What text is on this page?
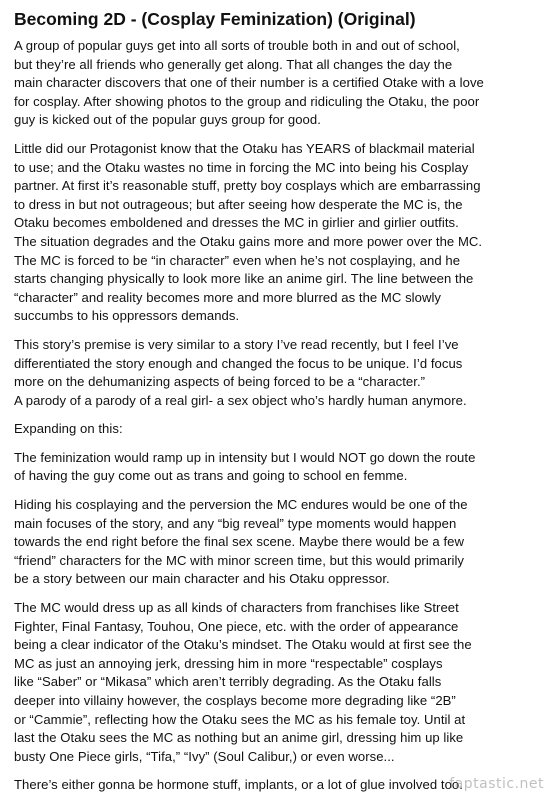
Becoming 2D - (Cosplay Feminization) (Original)
A group of popular guys get into all sorts of trouble both in and out of school,
but they’re all friends who generally get along. That all changes the day the
main character discovers that one of their number is a certified Otake with a love
for cosplay. After showing photos to the group and ridiculing the Otaku, the poor
guy is kicked out of the popular guys group for good.
Little did our Protagonist know that the Otaku has YEARS of blackmail material
to use; and the Otaku wastes no time in forcing the MC into being his Cosplay
partner. At first it’s reasonable stuff, pretty boy cosplays which are embarrassing
to dress in but not outrageous; but after seeing how desperate the MC is, the
Otaku becomes emboldened and dresses the MC in girlier and girlier outfits.
The situation degrades and the Otaku gains more and more power over the MC.
The MC is forced to be “in character” even when he’s not cosplaying, and he
starts changing physically to look more like an anime girl. The line between the
“character” and reality becomes more and more blurred as the MC slowly
succumbs to his oppressors demands.
This story’s premise is very similar to a story I’ve read recently, but I feel I’ve
differentiated the story enough and changed the focus to be unique. I’d focus
more on the dehumanizing aspects of being forced to be a “character.”
A parody of a parody of a real girl- a sex object who’s hardly human anymore.
Expanding on this:
The feminization would ramp up in intensity but I would NOT go down the route
of having the guy come out as trans and going to school en femme.
Hiding his cosplaying and the perversion the MC endures would be one of the
main focuses of the story, and any “big reveal” type moments would happen
towards the end right before the final sex scene. Maybe there would be a few
“friend” characters for the MC with minor screen time, but this would primarily
be a story between our main character and his Otaku oppressor.
The MC would dress up as all kinds of characters from franchises like Street
Fighter, Final Fantasy, Touhou, One piece, etc. with the order of appearance
being a clear indicator of the Otaku’s mindset. The Otaku would at first see the
MC as just an annoying jerk, dressing him in more “respectable” cosplays
like “Saber” or “Mikasa” which aren’t terribly degrading. As the Otaku falls
deeper into villainy however, the cosplays become more degrading like “2B”
or “Cammie”, reflecting how the Otaku sees the MC as his female toy. Until at
last the Otaku sees the MC as nothing but an anime girl, dressing him up like
busty One Piece girls, “Tifa,” “Ivy” (Soul Calibur,) or even worse...
There’s either gonna be hormone stuff, implants, or a lot of glue involved too.
faptastic.net
